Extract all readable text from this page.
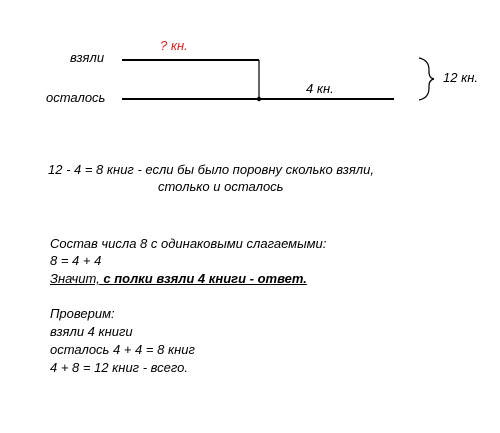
взяли
осталось
? кн.
4 кн.
12 кн.
12 - 4 = 8 книг - если бы было поровну сколько взяли,
столько и осталось
Состав числа 8 с одинаковыми слагаемыми:
8 = 4 + 4
Значит, с полки взяли 4 книги - ответ.
Проверим:
взяли 4 книги
осталось 4 + 4 = 8 книг
4 + 8 = 12 книг - всего.
